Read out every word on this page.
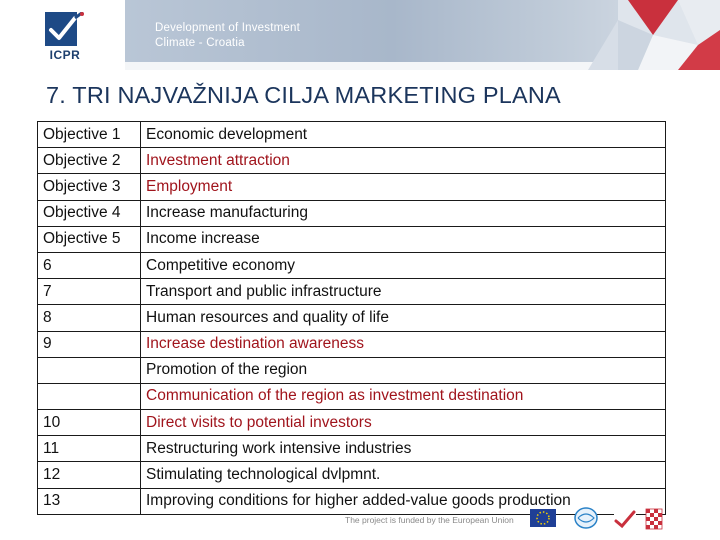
ICPR
Development of Investment
Climate - Croatia
7. TRI NAJVAŽNIJA CILJA MARKETING PLANA
Objective 1	Economic development
Objective 2	Investment attraction
Objective 3	Employment
Objective 4	Increase manufacturing
Objective 5	Income increase
6	Competitive economy
7	Transport and public infrastructure
8	Human resources and quality of life
9	Increase destination awareness
	Promotion of the region
	Communication of the region as investment destination
10	Direct visits to potential investors
11	Restructuring work intensive industries
12	Stimulating technological dvlpmnt.
13	Improving conditions for higher added-value goods production
The project is funded by the European Union
